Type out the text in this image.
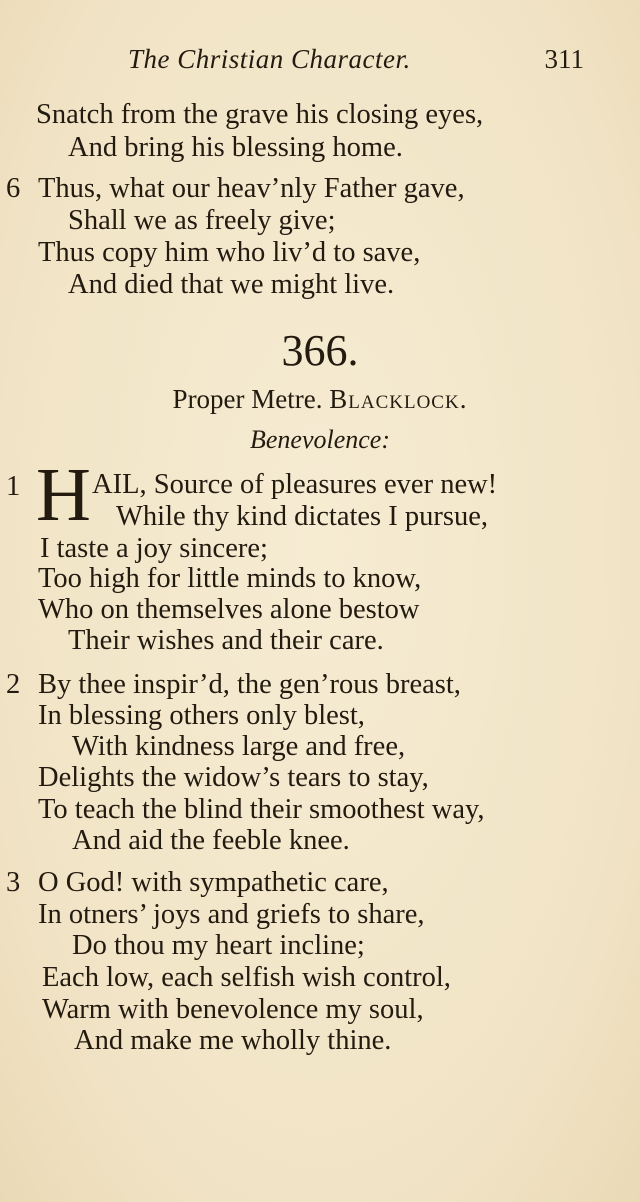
The Christian Character.	311
Snatch from the grave his closing eyes,
And bring his blessing home.
6 Thus, what our heav’nly Father gave,
Shall we as freely give;
Thus copy him who liv’d to save,
And died that we might live.
366.
Proper Metre. Blacklock.
Benevolence:
1 H AIL, Source of pleasures ever new!
While thy kind dictates I pursue,
I taste a joy sincere;
Too high for little minds to know,
Who on themselves alone bestow
Their wishes and their care.
2 By thee inspir’d, the gen’rous breast,
In blessing others only blest,
With kindness large and free,
Delights the widow’s tears to stay,
To teach the blind their smoothest way,
And aid the feeble knee.
3 O God! with sympathetic care,
In otners’ joys and griefs to share,
Do thou my heart incline;
Each low, each selfish wish control,
Warm with benevolence my soul,
And make me wholly thine.
